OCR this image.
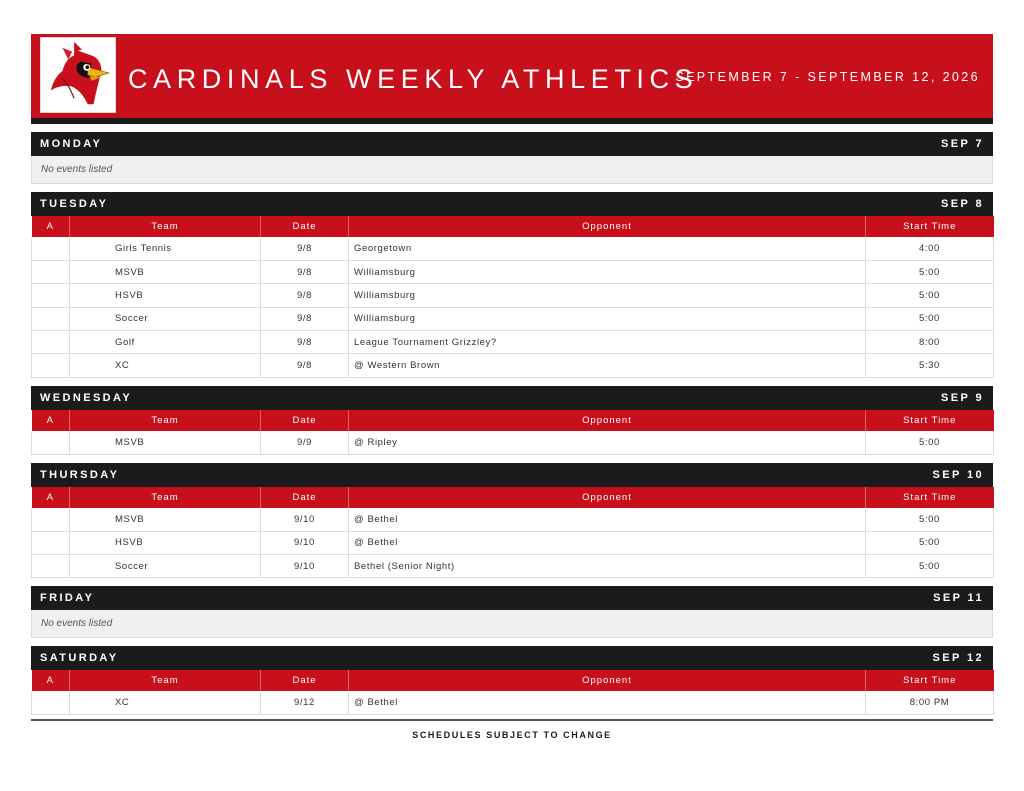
CARDINALS WEEKLY ATHLETICS
SEPTEMBER 7 - SEPTEMBER 12, 2026
MONDAY	SEP 7
No events listed
TUESDAY	SEP 8
A	Team	Date	Opponent	Start Time
	Girls Tennis	9/8	Georgetown	4:00
	MSVB	9/8	Williamsburg	5:00
	HSVB	9/8	Williamsburg	5:00
	Soccer	9/8	Williamsburg	5:00
	Golf	9/8	League Tournament Grizzley?	8:00
	XC	9/8	@ Western Brown	5:30
WEDNESDAY	SEP 9
A	Team	Date	Opponent	Start Time
	MSVB	9/9	@ Ripley	5:00
THURSDAY	SEP 10
A	Team	Date	Opponent	Start Time
	MSVB	9/10	@ Bethel	5:00
	HSVB	9/10	@ Bethel	5:00
	Soccer	9/10	Bethel (Senior Night)	5:00
FRIDAY	SEP 11
No events listed
SATURDAY	SEP 12
A	Team	Date	Opponent	Start Time
	XC	9/12	@ Bethel	8:00 PM
SCHEDULES SUBJECT TO CHANGE
